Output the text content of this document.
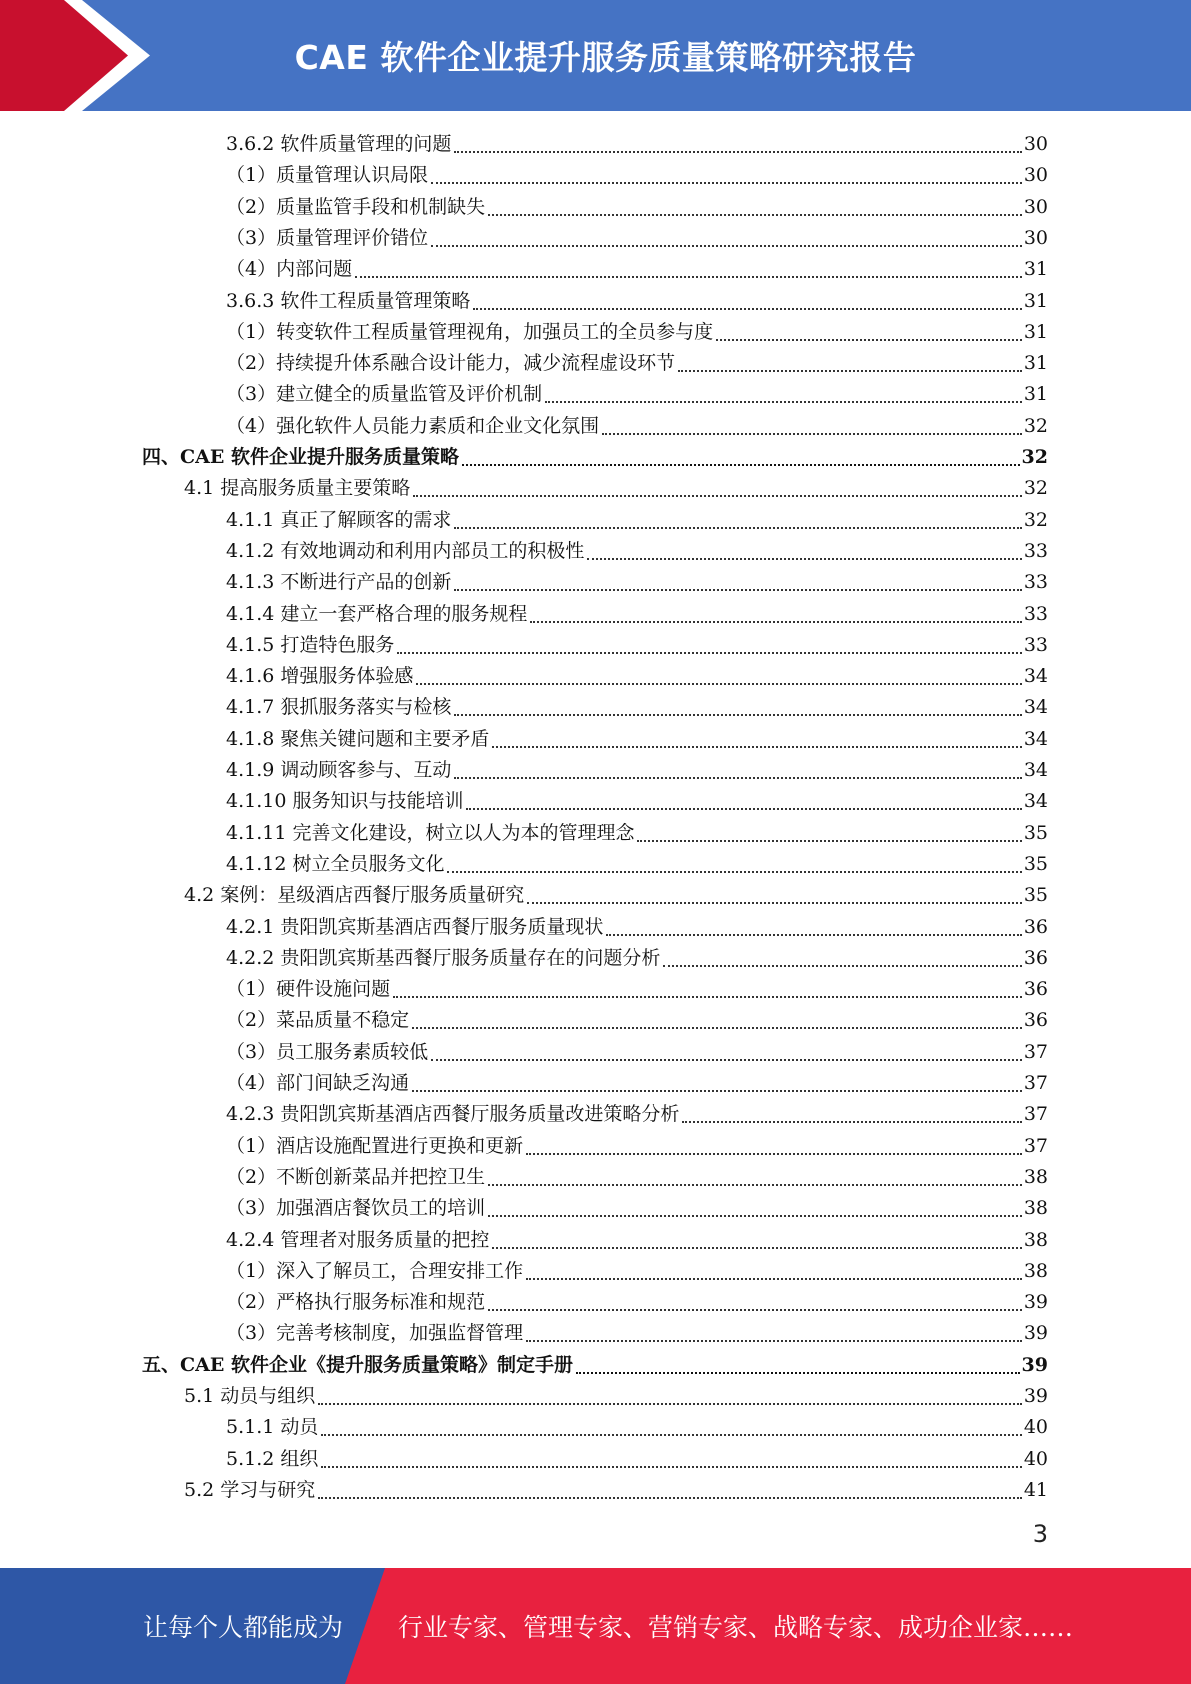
CAE 软件企业提升服务质量策略研究报告
3.6.2 软件质量管理的问题	30
（1）质量管理认识局限	30
（2）质量监管手段和机制缺失	30
（3）质量管理评价错位	30
（4）内部问题	31
3.6.3 软件工程质量管理策略	31
（1）转变软件工程质量管理视角，加强员工的全员参与度	31
（2）持续提升体系融合设计能力，减少流程虚设环节	31
（3）建立健全的质量监管及评价机制	31
（4）强化软件人员能力素质和企业文化氛围	32
四、CAE 软件企业提升服务质量策略	32
4.1 提高服务质量主要策略	32
4.1.1 真正了解顾客的需求	32
4.1.2 有效地调动和利用内部员工的积极性	33
4.1.3 不断进行产品的创新	33
4.1.4 建立一套严格合理的服务规程	33
4.1.5 打造特色服务	33
4.1.6 增强服务体验感	34
4.1.7 狠抓服务落实与检核	34
4.1.8 聚焦关键问题和主要矛盾	34
4.1.9 调动顾客参与、互动	34
4.1.10 服务知识与技能培训	34
4.1.11 完善文化建设，树立以人为本的管理理念	35
4.1.12 树立全员服务文化	35
4.2 案例：星级酒店西餐厅服务质量研究	35
4.2.1 贵阳凯宾斯基酒店西餐厅服务质量现状	36
4.2.2 贵阳凯宾斯基西餐厅服务质量存在的问题分析	36
（1）硬件设施问题	36
（2）菜品质量不稳定	36
（3）员工服务素质较低	37
（4）部门间缺乏沟通	37
4.2.3 贵阳凯宾斯基酒店西餐厅服务质量改进策略分析	37
（1）酒店设施配置进行更换和更新	37
（2）不断创新菜品并把控卫生	38
（3）加强酒店餐饮员工的培训	38
4.2.4 管理者对服务质量的把控	38
（1）深入了解员工，合理安排工作	38
（2）严格执行服务标准和规范	39
（3）完善考核制度，加强监督管理	39
五、CAE 软件企业《提升服务质量策略》制定手册	39
5.1 动员与组织	39
5.1.1 动员	40
5.1.2 组织	40
5.2 学习与研究	41
3
让每个人都能成为 行业专家、管理专家、营销专家、战略专家、成功企业家……
